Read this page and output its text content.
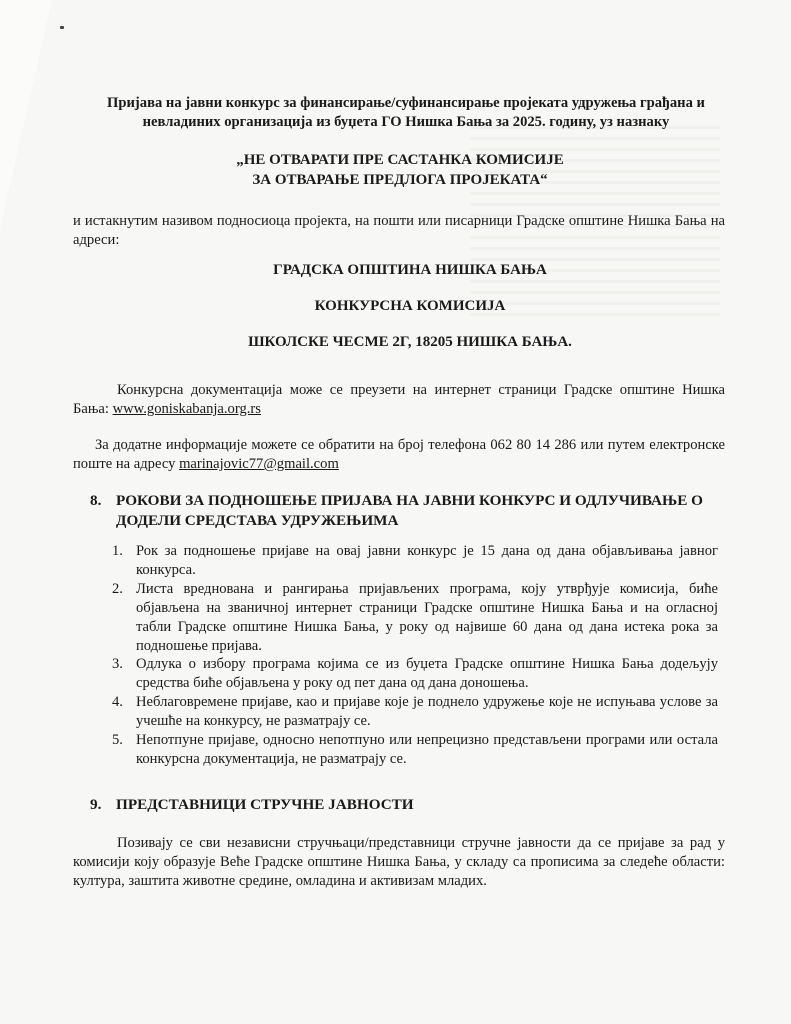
Пријава на јавни конкурс за финансирање/суфинансирање пројеката удружења грађана и
невладиних организација из буџета ГО Нишка Бања за 2025. годину, уз назнаку
„НЕ ОТВАРАТИ ПРЕ САСТАНКА КОМИСИЈЕ
ЗА ОТВАРАЊЕ ПРЕДЛОГА ПРОЈЕКАТА“
и истакнутим називом подносиоца пројекта, на пошти или писарници Градске општине Нишка Бања на адреси:
ГРАДСКА ОПШТИНА НИШКА БАЊА
КОНКУРСНА КОМИСИЈА
ШКОЛСКЕ ЧЕСМЕ 2Г, 18205 НИШКА БАЊА.
Конкурсна документација може се преузети на интернет страници Градске општине Нишка Бања: www.goniskabanja.org.rs
За додатне информације можете се обратити на број телефона 062 80 14 286 или путем електронске поште на адресу marinajovic77@gmail.com
8. РОКОВИ ЗА ПОДНОШЕЊЕ ПРИЈАВА НА ЈАВНИ КОНКУРС И ОДЛУЧИВАЊЕ О
ДОДЕЛИ СРЕДСТАВА УДРУЖЕЊИМА
1. Рок за подношење пријаве на овај јавни конкурс је 15 дана од дана објављивања јавног конкурса.
2. Листа вреднована и рангирања пријављених програма, коју утврђује комисија, биће објављена на званичној интернет страници Градске општине Нишка Бања и на огласној табли Градске општине Нишка Бања, у року од највише 60 дана од дана истека рока за подношење пријава.
3. Одлука о избору програма којима се из буџета Градске општине Нишка Бања додељују средства биће објављена у року од пет дана од дана доношења.
4. Неблаговремене пријаве, као и пријаве које је поднело удружење које не испуњава услове за учешће на конкурсу, не разматрају се.
5. Непотпуне пријаве, односно непотпуно или непрецизно представљени програми или остала конкурсна документација, не разматрају се.
9. ПРЕДСТАВНИЦИ СТРУЧНЕ ЈАВНОСТИ
Позивају се сви независни стручњаци/представници стручне јавности да се пријаве за рад у комисији коју образује Веће Градске општине Нишка Бања, у складу са прописима за следеће области: култура, заштита животне средине, омладина и активизам младих.
